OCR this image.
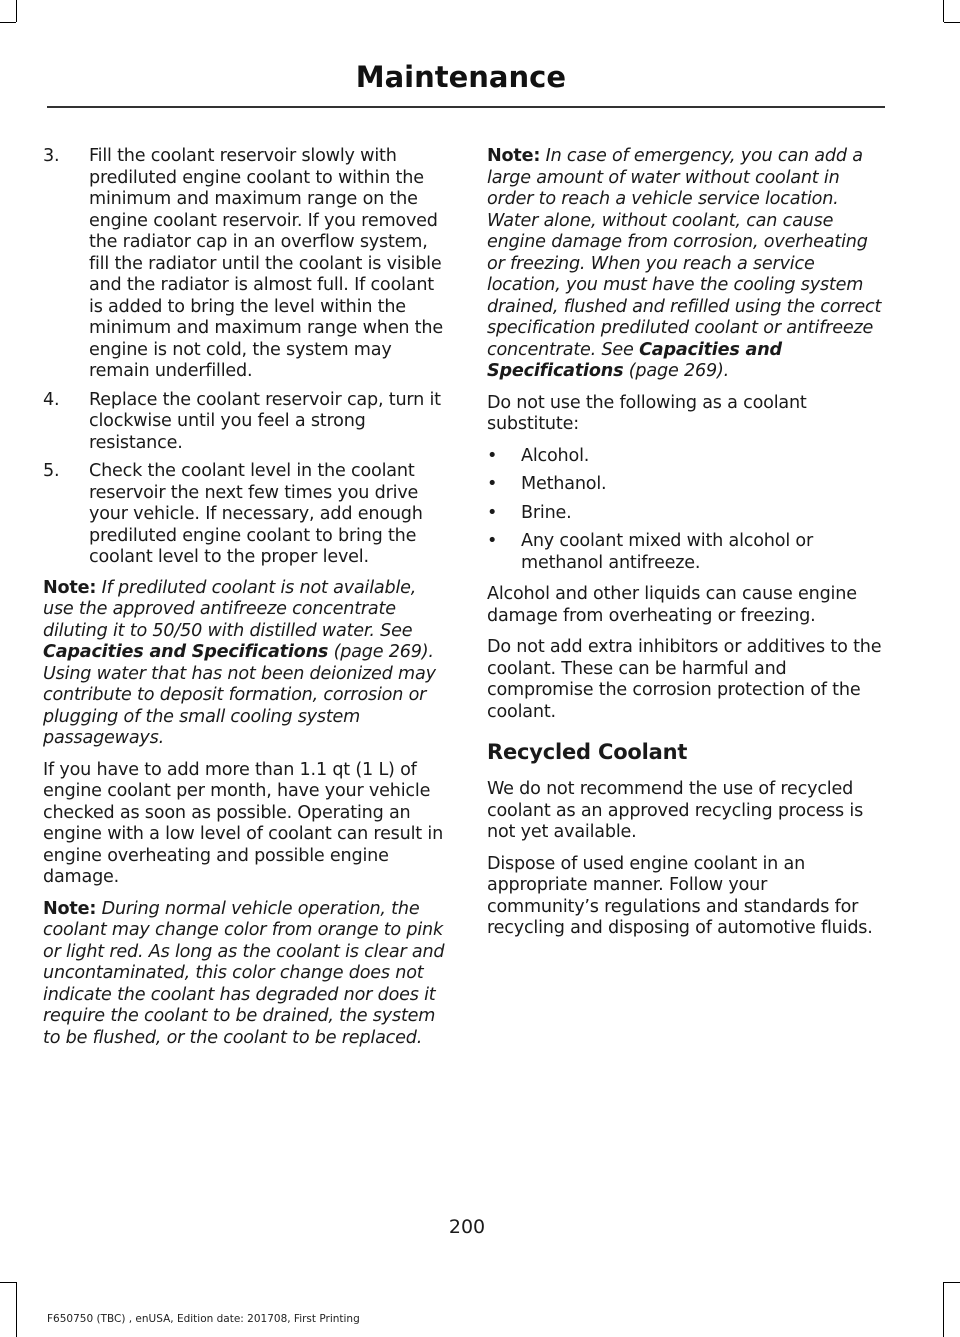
Maintenance
3.	Fill the coolant reservoir slowly with prediluted engine coolant to within the minimum and maximum range on the engine coolant reservoir. If you removed the radiator cap in an overflow system, fill the radiator until the coolant is visible and the radiator is almost full. If coolant is added to bring the level within the minimum and maximum range when the engine is not cold, the system may remain underfilled.
4.	Replace the coolant reservoir cap, turn it clockwise until you feel a strong resistance.
5.	Check the coolant level in the coolant reservoir the next few times you drive your vehicle. If necessary, add enough prediluted engine coolant to bring the coolant level to the proper level.

Note: If prediluted coolant is not available, use the approved antifreeze concentrate diluting it to 50/50 with distilled water. See Capacities and Specifications (page 269). Using water that has not been deionized may contribute to deposit formation, corrosion or plugging of the small cooling system passageways.

If you have to add more than 1.1 qt (1 L) of engine coolant per month, have your vehicle checked as soon as possible. Operating an engine with a low level of coolant can result in engine overheating and possible engine damage.

Note: During normal vehicle operation, the coolant may change color from orange to pink or light red. As long as the coolant is clear and uncontaminated, this color change does not indicate the coolant has degraded nor does it require the coolant to be drained, the system to be flushed, or the coolant to be replaced.

Note: In case of emergency, you can add a large amount of water without coolant in order to reach a vehicle service location. Water alone, without coolant, can cause engine damage from corrosion, overheating or freezing. When you reach a service location, you must have the cooling system drained, flushed and refilled using the correct specification prediluted coolant or antifreeze concentrate. See Capacities and Specifications (page 269).

Do not use the following as a coolant substitute:

•	Alcohol.
•	Methanol.
•	Brine.
•	Any coolant mixed with alcohol or methanol antifreeze.

Alcohol and other liquids can cause engine damage from overheating or freezing.

Do not add extra inhibitors or additives to the coolant. These can be harmful and compromise the corrosion protection of the coolant.

Recycled Coolant

We do not recommend the use of recycled coolant as an approved recycling process is not yet available.

Dispose of used engine coolant in an appropriate manner. Follow your community’s regulations and standards for recycling and disposing of automotive fluids.

200
F650750 (TBC) , enUSA, Edition date: 201708, First Printing
